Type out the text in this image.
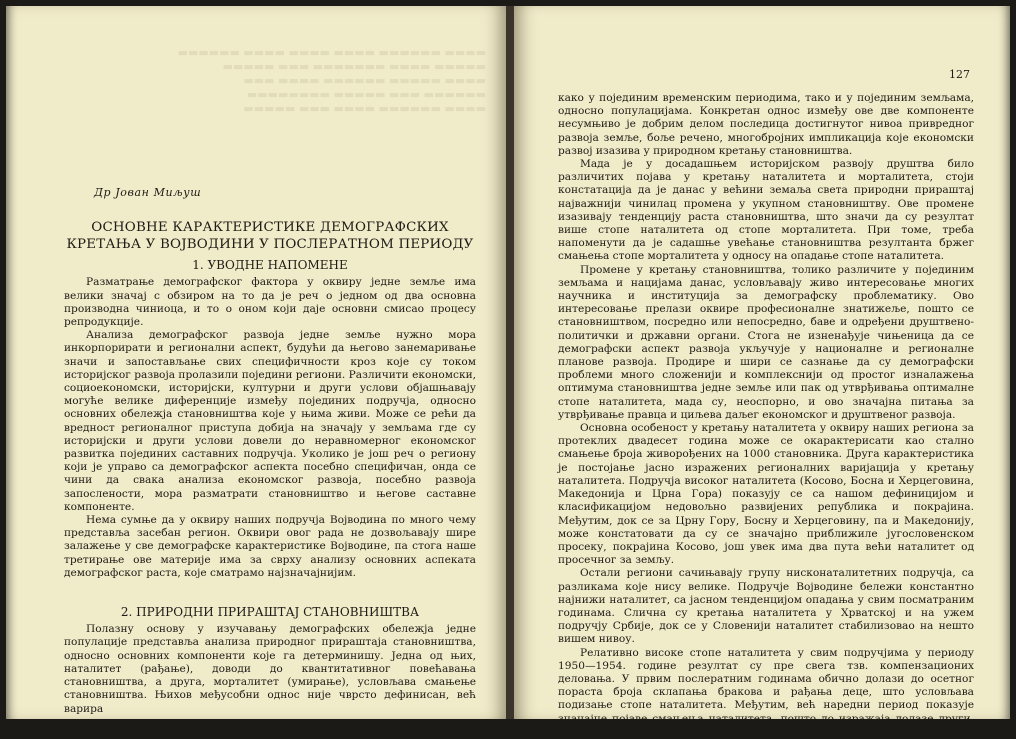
▬▬▬▬ ▬▬▬▬▬▬ ▬▬▬▬ ▬▬▬▬ ▬▬▬▬ ▬▬▬▬▬▬
▬▬▬▬▬ ▬▬▬▬ ▬▬▬▬▬▬▬ ▬▬▬ ▬▬▬▬▬
▬▬▬▬ ▬▬▬▬▬ ▬▬▬▬▬▬ ▬▬▬▬ ▬▬▬
▬▬▬▬▬▬ ▬▬▬ ▬▬▬▬▬ ▬▬▬▬▬▬▬▬
▬▬▬▬ ▬▬▬▬▬▬ ▬▬▬▬ ▬▬▬ ▬▬▬▬▬
Др Јован Миљуш
ОСНОВНЕ КАРАКТЕРИСТИКЕ ДЕМОГРАФСКИХ
КРЕТАЊА У ВОЈВОДИНИ У ПОСЛЕРАТНОМ ПЕРИОДУ
1. УВОДНЕ НАПОМЕНЕ

Разматрање демографског фактора у оквиру једне земље има велики значај с обзиром на то да је реч о једном од два основна производна чиниоца, и то о оном који даје основни смисао процесу репродукције.

Анализа демографског развоја једне земље нужно мора инкорпорирати и регионални аспект, будући да његово занемаривање значи и запостављање свих специфичности кроз које су током историјског развоја пролазили поједини региони. Различити економски, социоекономски, историјски, културни и други услови објашњавају могуће велике диференције између појединих подручја, односно основних обележја становништва које у њима живи. Може се рећи да вредност регионалног приступа добија на значају у земљама где су историјски и други услови довели до неравномерног економског развитка појединих саставних подручја. Уколико је још реч о региону који је управо са демографског аспекта посебно специфичан, онда се чини да свака анализа економског развоја, посебно развоја запослености, мора разматрати становништво и његове саставне компоненте.

Нема сумње да у оквиру наших подручја Војводина по много чему представља засебан регион. Оквири овог рада не дозвољавају шире залажење у све демографске карактеристике Војводине, па стога наше третирање ове материје има за сврху анализу основних аспеката демографског раста, које сматрамо најзначајнијим.

2. ПРИРОДНИ ПРИРАШТАЈ СТАНОВНИШТВА

Полазну основу у изучавању демографских обележја једне популације представља анализа природног прираштаја становништва, односно основних компоненти које га детерминишу. Једна од њих, наталитет (рађање), доводи до квантитативног повећавања становништва, а друга, морталитет (умирање), условљава смањење становништва. Њихов међусобни однос није чврсто дефинисан, већ варира

127

како у појединим временским периодима, тако и у појединим земљама, односно популацијама. Конкретан однос између ове две компоненте несумњиво је добрим делом последица достигнутог нивоа привредног развоја земље, боље речено, многобројних импликација које економски развој изазива у природном кретању становништва.

Мада је у досадашњем историјском развоју друштва било различитих појава у кретању наталитета и морталитета, стоји констатација да је данас у већини земаља света природни прираштај најважнији чинилац промена у укупном становништву. Ове промене изазивају тенденцију раста становништва, што значи да су резултат више стопе наталитета од стопе морталитета. При томе, треба напоменути да је садашње увећање становништва резултанта бржег смањења стопе морталитета у односу на опадање стопе наталитета.

Промене у кретању становништва, толико различите у појединим земљама и нацијама данас, условљавају живо интересовање многих научника и институција за демографску проблематику. Ово интересовање прелази оквире професионалне знатижеље, пошто се становништвом, посредно или непосредно, баве и одређени друштвено-политички и државни органи. Стога не изненађује чињеница да се демографски аспект развоја укључује у националне и регионалне планове развоја. Продире и шири се сазнање да су демографски проблеми много сложенији и комплекснији од простог изналажења оптимума становништва једне земље или пак од утврђивања оптималне стопе наталитета, мада су, неоспорно, и ово значајна питања за утврђивање правца и циљева даљег економског и друштвеног развоја.

Основна особеност у кретању наталитета у оквиру наших региона за протеклих двадесет година може се окарактерисати као стално смањење броја живорођених на 1000 становника. Друга карактеристика је постојање јасно изражених регионалних варијација у кретању наталитета. Подручја високог наталитета (Косово, Босна и Херцеговина, Македонија и Црна Гора) показују се са нашом дефиницијом и класификацијом недовољно развијених република и покрајина. Међутим, док се за Црну Гору, Босну и Херцеговину, па и Македонију, може констатовати да су се значајно приближиле југословенском просеку, покрајина Косово, још увек има два пута већи наталитет од просечног за земљу.

Остали региони сачињавају групу нисконаталитетних подручја, са разликама које нису велике. Подручје Војводине бележи константно најнижи наталитет, са јасном тенденцијом опадања у свим посматраним годинама. Слична су кретања наталитета у Хрватској и на ужем подручју Србије, док се у Словенији наталитет стабилизовао на нешто вишем нивоу.

Релативно високе стопе наталитета у свим подручјима у периоду 1950—1954. године резултат су пре свега тзв. компензационих деловања. У првим послератним годинама обично долази до осетног пораста броја склапања бракова и рађања деце, што условљава подизање стопе наталитета. Међутим, већ наредни период показује значајне појаве смањења наталитета, пошто до изражаја долазе други, трајнији чиниоци који опредељују кретање наталитета.
